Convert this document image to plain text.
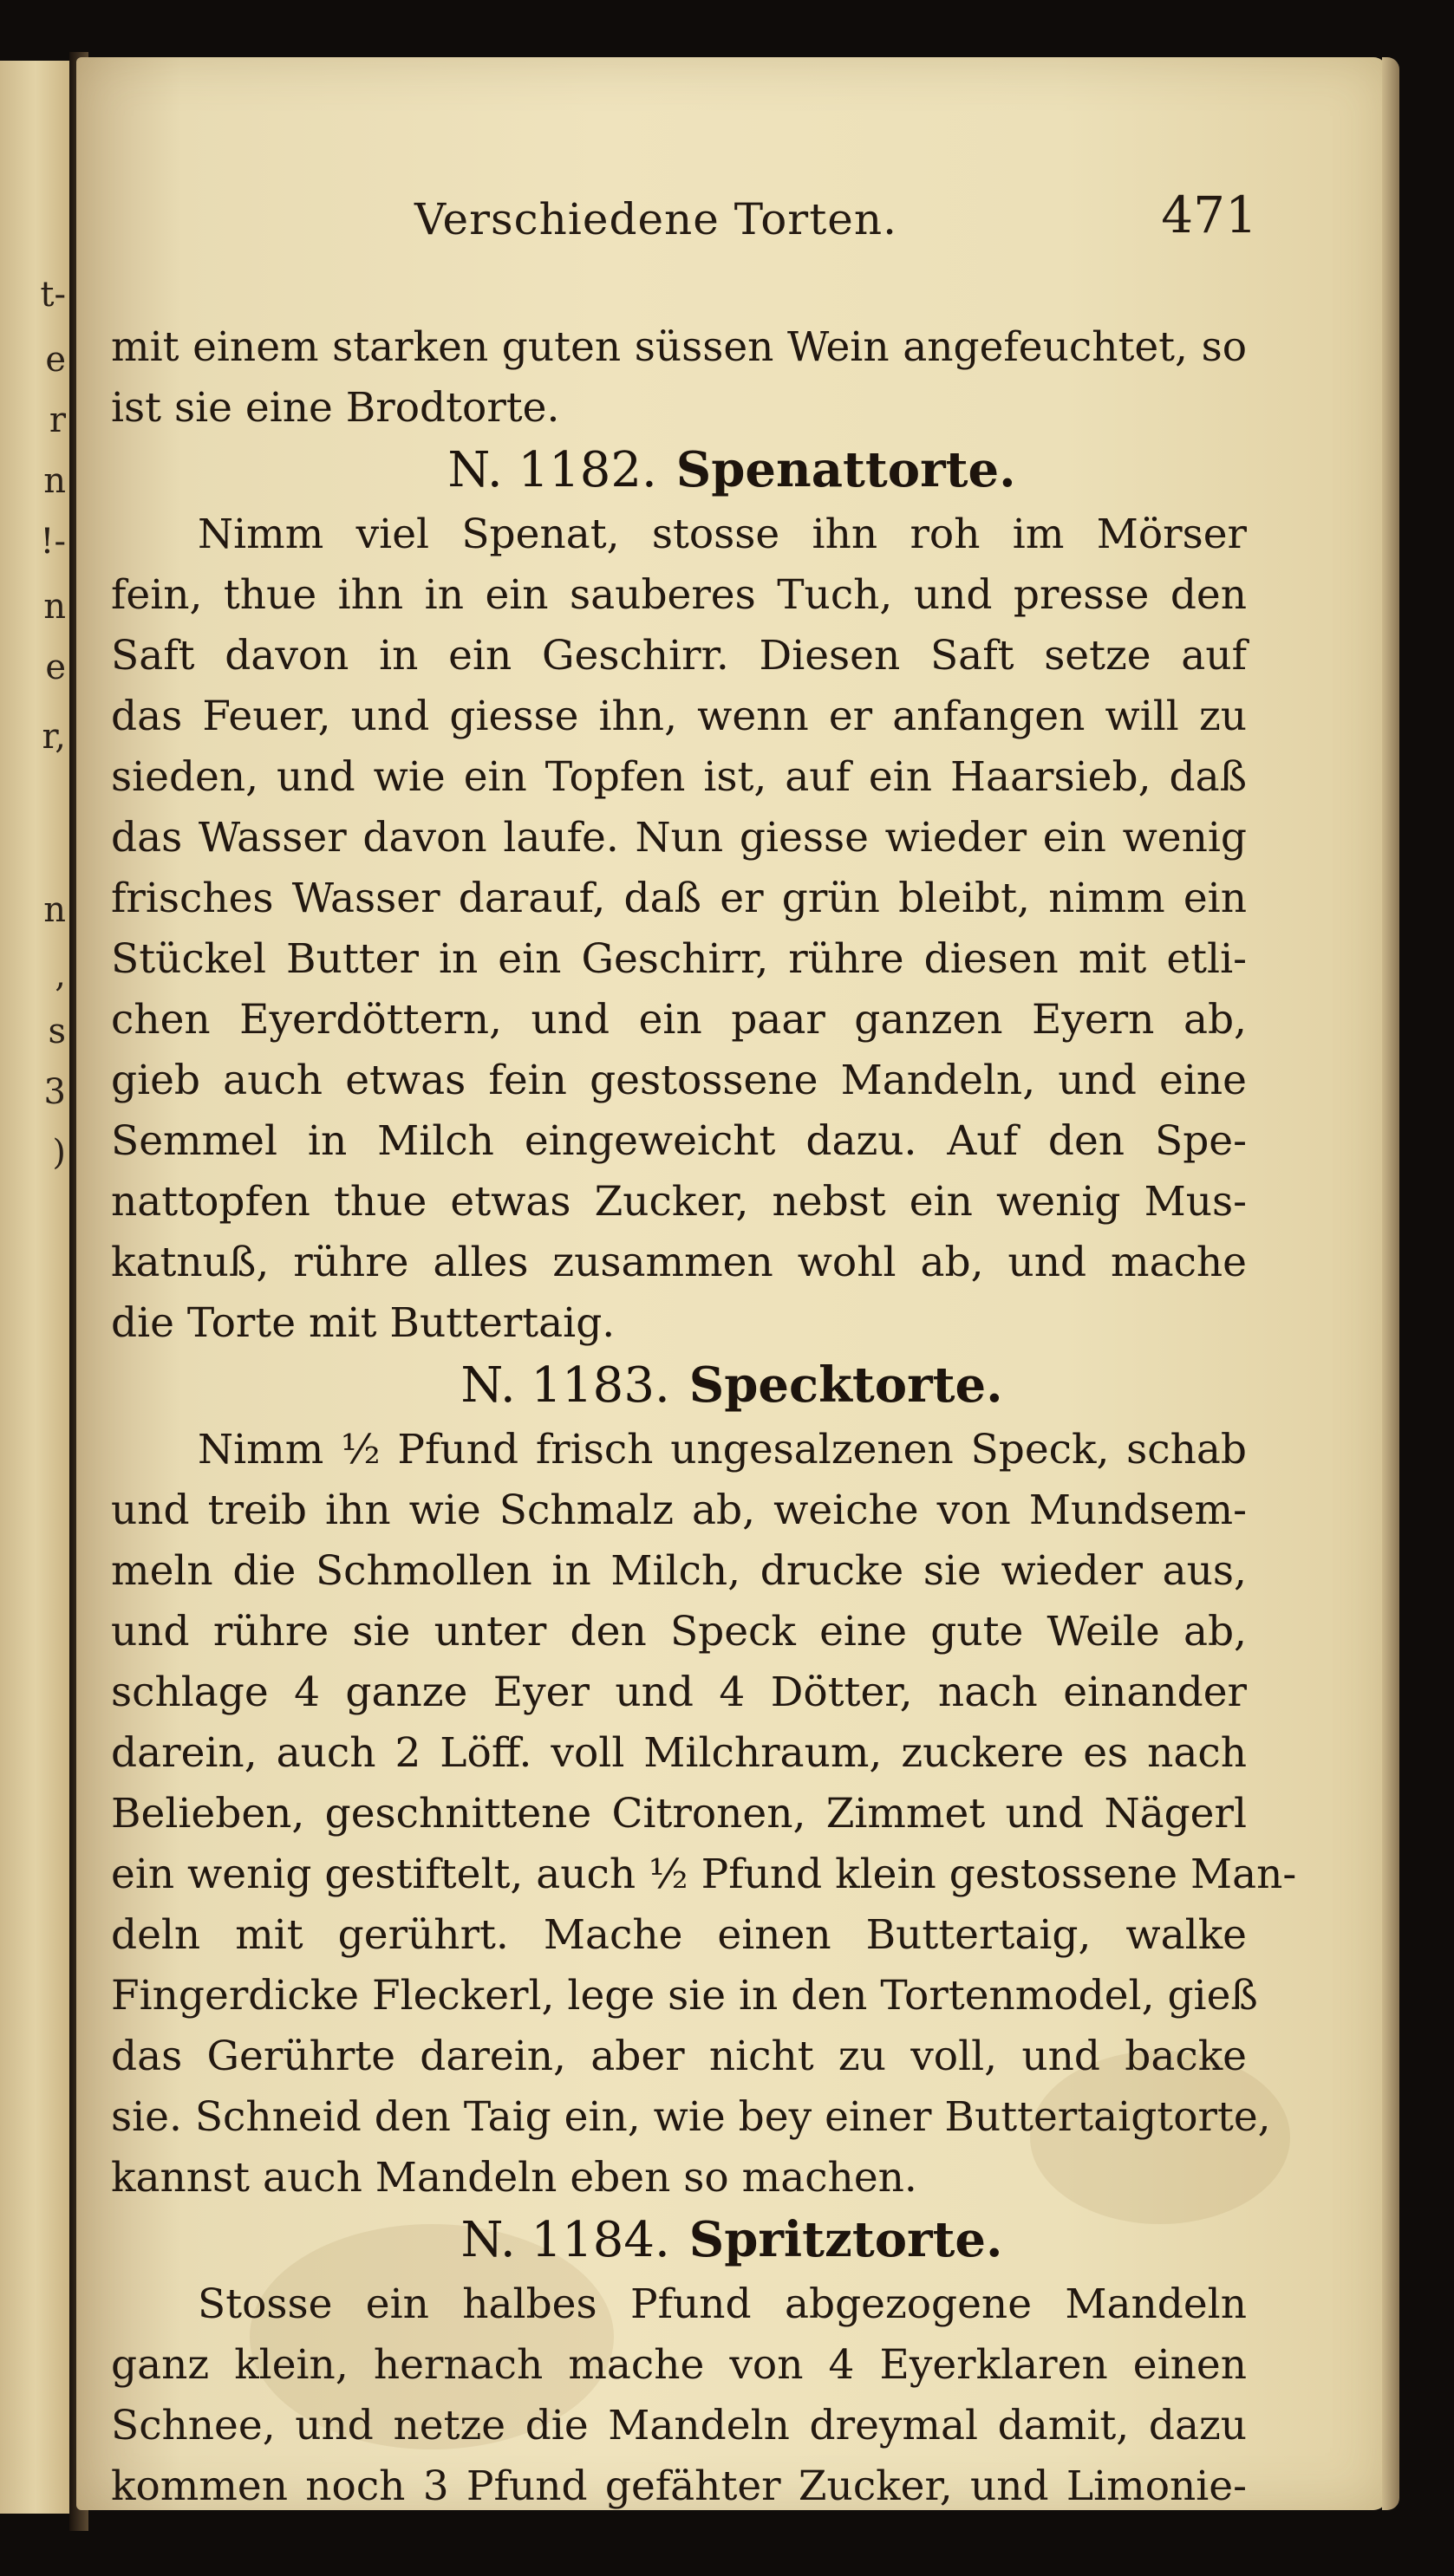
t-
e
r
n
!-
n
e
r,
n
,
s
3
)
Verschiedene Torten.	471
mit einem starken guten süssen Wein angefeuchtet, so
ist sie eine Brodtorte.
N. 1182. Spenattorte.
Nimm viel Spenat, stosse ihn roh im Mörser
fein, thue ihn in ein sauberes Tuch, und presse den
Saft davon in ein Geschirr. Diesen Saft setze auf
das Feuer, und giesse ihn, wenn er anfangen will zu
sieden, und wie ein Topfen ist, auf ein Haarsieb, daß
das Wasser davon laufe. Nun giesse wieder ein wenig
frisches Wasser darauf, daß er grün bleibt, nimm ein
Stückel Butter in ein Geschirr, rühre diesen mit etli-
chen Eyerdöttern, und ein paar ganzen Eyern ab,
gieb auch etwas fein gestossene Mandeln, und eine
Semmel in Milch eingeweicht dazu. Auf den Spe-
nattopfen thue etwas Zucker, nebst ein wenig Mus-
katnuß, rühre alles zusammen wohl ab, und mache
die Torte mit Buttertaig.
N. 1183. Specktorte.
Nimm ½ Pfund frisch ungesalzenen Speck, schab
und treib ihn wie Schmalz ab, weiche von Mundsem-
meln die Schmollen in Milch, drucke sie wieder aus,
und rühre sie unter den Speck eine gute Weile ab,
schlage 4 ganze Eyer und 4 Dötter, nach einander
darein, auch 2 Löff. voll Milchraum, zuckere es nach
Belieben, geschnittene Citronen, Zimmet und Nägerl
ein wenig gestiftelt, auch ½ Pfund klein gestossene Man-
deln mit gerührt. Mache einen Buttertaig, walke
Fingerdicke Fleckerl, lege sie in den Tortenmodel, gieß
das Gerührte darein, aber nicht zu voll, und backe
sie. Schneid den Taig ein, wie bey einer Buttertaigtorte,
kannst auch Mandeln eben so machen.
N. 1184. Spritztorte.
Stosse ein halbes Pfund abgezogene Mandeln
ganz klein, hernach mache von 4 Eyerklaren einen
Schnee, und netze die Mandeln dreymal damit, dazu
kommen noch 3 Pfund gefähter Zucker, und Limonie-
